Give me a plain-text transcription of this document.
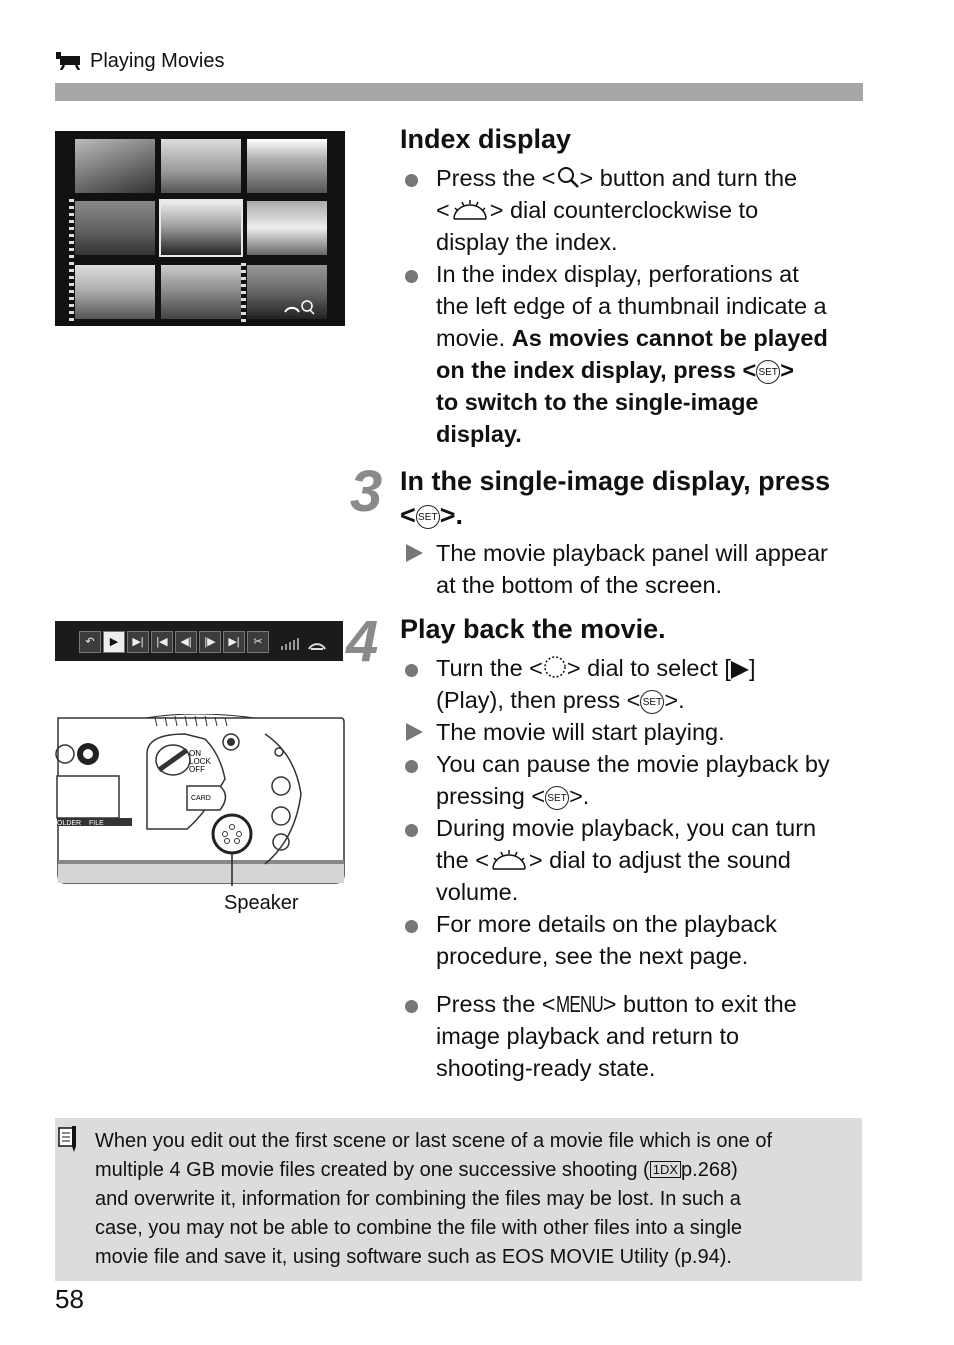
Playing Movies
Index display
Press the < > button and turn the
< > dial counterclockwise to
display the index.
In the index display, perforations at
the left edge of a thumbnail indicate a
movie. As movies cannot be played
on the index display, press < SET>
to switch to the single-image
display.
3 In the single-image display, press
< SET>.
The movie playback panel will appear
at the bottom of the screen.
↶	▶	▶|	|◀	◀|	|▶	▶|	✂
OLDER FILE
ON
LOCK
OFF
CARD
Speaker
4 Play back the movie.
Turn the < > dial to select [▶]
(Play), then press < SET>.
The movie will start playing.
You can pause the movie playback by
pressing < SET>.
During movie playback, you can turn
the < > dial to adjust the sound
volume.
For more details on the playback
procedure, see the next page.
Press the <MENU> button to exit the
image playback and return to
shooting-ready state.
When you edit out the first scene or last scene of a movie file which is one of
multiple 4 GB movie files created by one successive shooting ( 1DX p.268)
and overwrite it, information for combining the files may be lost. In such a
case, you may not be able to combine the file with other files into a single
movie file and save it, using software such as EOS MOVIE Utility (p.94).
58
